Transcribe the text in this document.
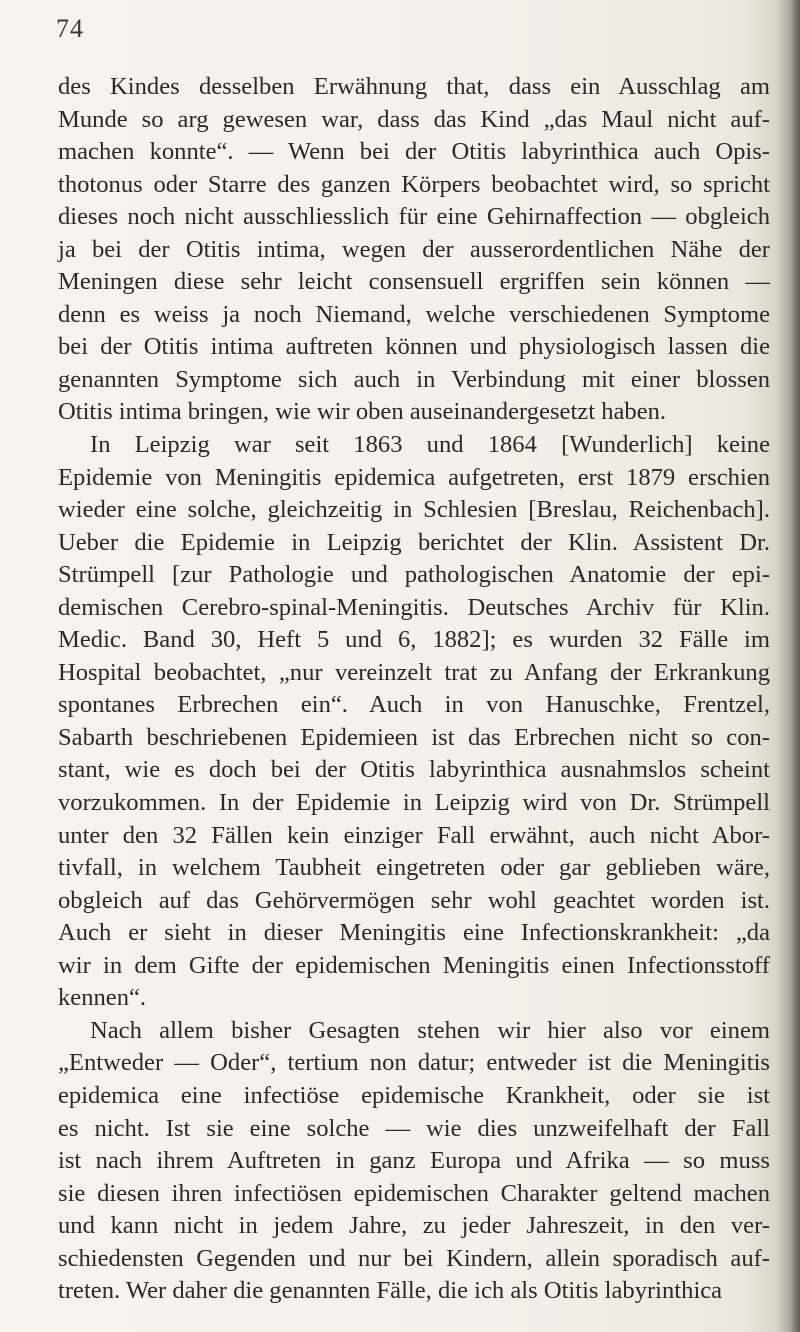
74
des Kindes desselben Erwähnung that, dass ein Ausschlag am
Munde so arg gewesen war, dass das Kind „das Maul nicht auf-
machen konnte“. — Wenn bei der Otitis labyrinthica auch Opis-
thotonus oder Starre des ganzen Körpers beobachtet wird, so spricht
dieses noch nicht ausschliesslich für eine Gehirnaffection — obgleich
ja bei der Otitis intima, wegen der ausserordentlichen Nähe der
Meningen diese sehr leicht consensuell ergriffen sein können —
denn es weiss ja noch Niemand, welche verschiedenen Symptome
bei der Otitis intima auftreten können und physiologisch lassen die
genannten Symptome sich auch in Verbindung mit einer blossen
Otitis intima bringen, wie wir oben auseinandergesetzt haben.
In Leipzig war seit 1863 und 1864 [Wunderlich] keine
Epidemie von Meningitis epidemica aufgetreten, erst 1879 erschien
wieder eine solche, gleichzeitig in Schlesien [Breslau, Reichenbach].
Ueber die Epidemie in Leipzig berichtet der Klin. Assistent Dr.
Strümpell [zur Pathologie und pathologischen Anatomie der epi-
demischen Cerebro-spinal-Meningitis. Deutsches Archiv für Klin.
Medic. Band 30, Heft 5 und 6, 1882]; es wurden 32 Fälle im
Hospital beobachtet, „nur vereinzelt trat zu Anfang der Erkrankung
spontanes Erbrechen ein“. Auch in von Hanuschke, Frentzel,
Sabarth beschriebenen Epidemieen ist das Erbrechen nicht so con-
stant, wie es doch bei der Otitis labyrinthica ausnahmslos scheint
vorzukommen. In der Epidemie in Leipzig wird von Dr. Strümpell
unter den 32 Fällen kein einziger Fall erwähnt, auch nicht Abor-
tivfall, in welchem Taubheit eingetreten oder gar geblieben wäre,
obgleich auf das Gehörvermögen sehr wohl geachtet worden ist.
Auch er sieht in dieser Meningitis eine Infectionskrankheit: „da
wir in dem Gifte der epidemischen Meningitis einen Infectionsstoff
kennen“.
Nach allem bisher Gesagten stehen wir hier also vor einem
„Entweder — Oder“, tertium non datur; entweder ist die Meningitis
epidemica eine infectiöse epidemische Krankheit, oder sie ist
es nicht. Ist sie eine solche — wie dies unzweifelhaft der Fall
ist nach ihrem Auftreten in ganz Europa und Afrika — so muss
sie diesen ihren infectiösen epidemischen Charakter geltend machen
und kann nicht in jedem Jahre, zu jeder Jahreszeit, in den ver-
schiedensten Gegenden und nur bei Kindern, allein sporadisch auf-
treten. Wer daher die genannten Fälle, die ich als Otitis labyrinthica
